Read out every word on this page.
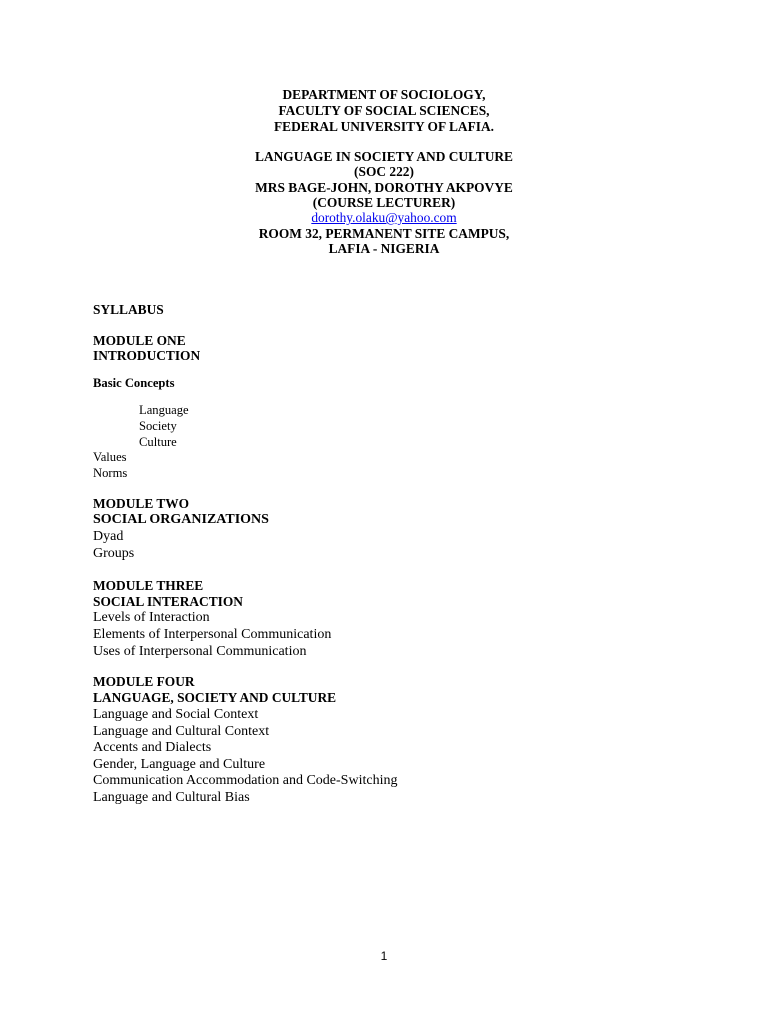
DEPARTMENT OF SOCIOLOGY,
FACULTY OF SOCIAL SCIENCES,
FEDERAL UNIVERSITY OF LAFIA.
LANGUAGE IN SOCIETY AND CULTURE
(SOC 222)
MRS BAGE-JOHN, DOROTHY AKPOVYE
(COURSE LECTURER)
dorothy.olaku@yahoo.com
ROOM 32, PERMANENT SITE CAMPUS,
LAFIA - NIGERIA
SYLLABUS
MODULE ONE
INTRODUCTION
Basic Concepts
Language
Society
Culture
Values
Norms
MODULE TWO
SOCIAL ORGANIZATIONS
Dyad
Groups
MODULE THREE
SOCIAL INTERACTION
Levels of Interaction
Elements of Interpersonal Communication
Uses of Interpersonal Communication
MODULE FOUR
LANGUAGE, SOCIETY AND CULTURE
Language and Social Context
Language and Cultural Context
Accents and Dialects
Gender, Language and Culture
Communication Accommodation and Code-Switching
Language and Cultural Bias
1
